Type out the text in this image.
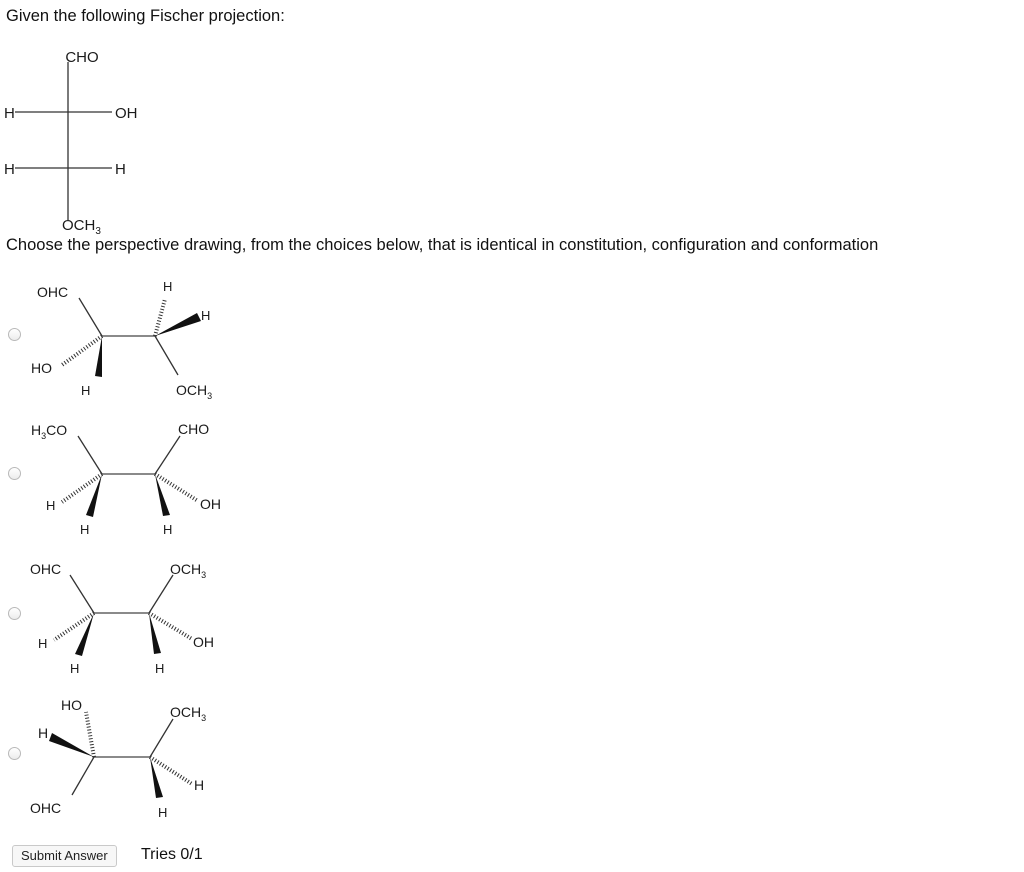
Given the following Fischer projection:
CHO
H	OH
H	H
$OCH_3$
Choose the perspective drawing, from the choices below, that is identical in constitution, configuration and conformation
OHC
HO
H
H
H
$OCH_3$
$H_3CO$
H
H
CHO
OH
H
OHC
H
H
$OCH_3$
OH
H
HO
H
OHC
$OCH_3$
H
H
Submit Answer	Tries 0/1
